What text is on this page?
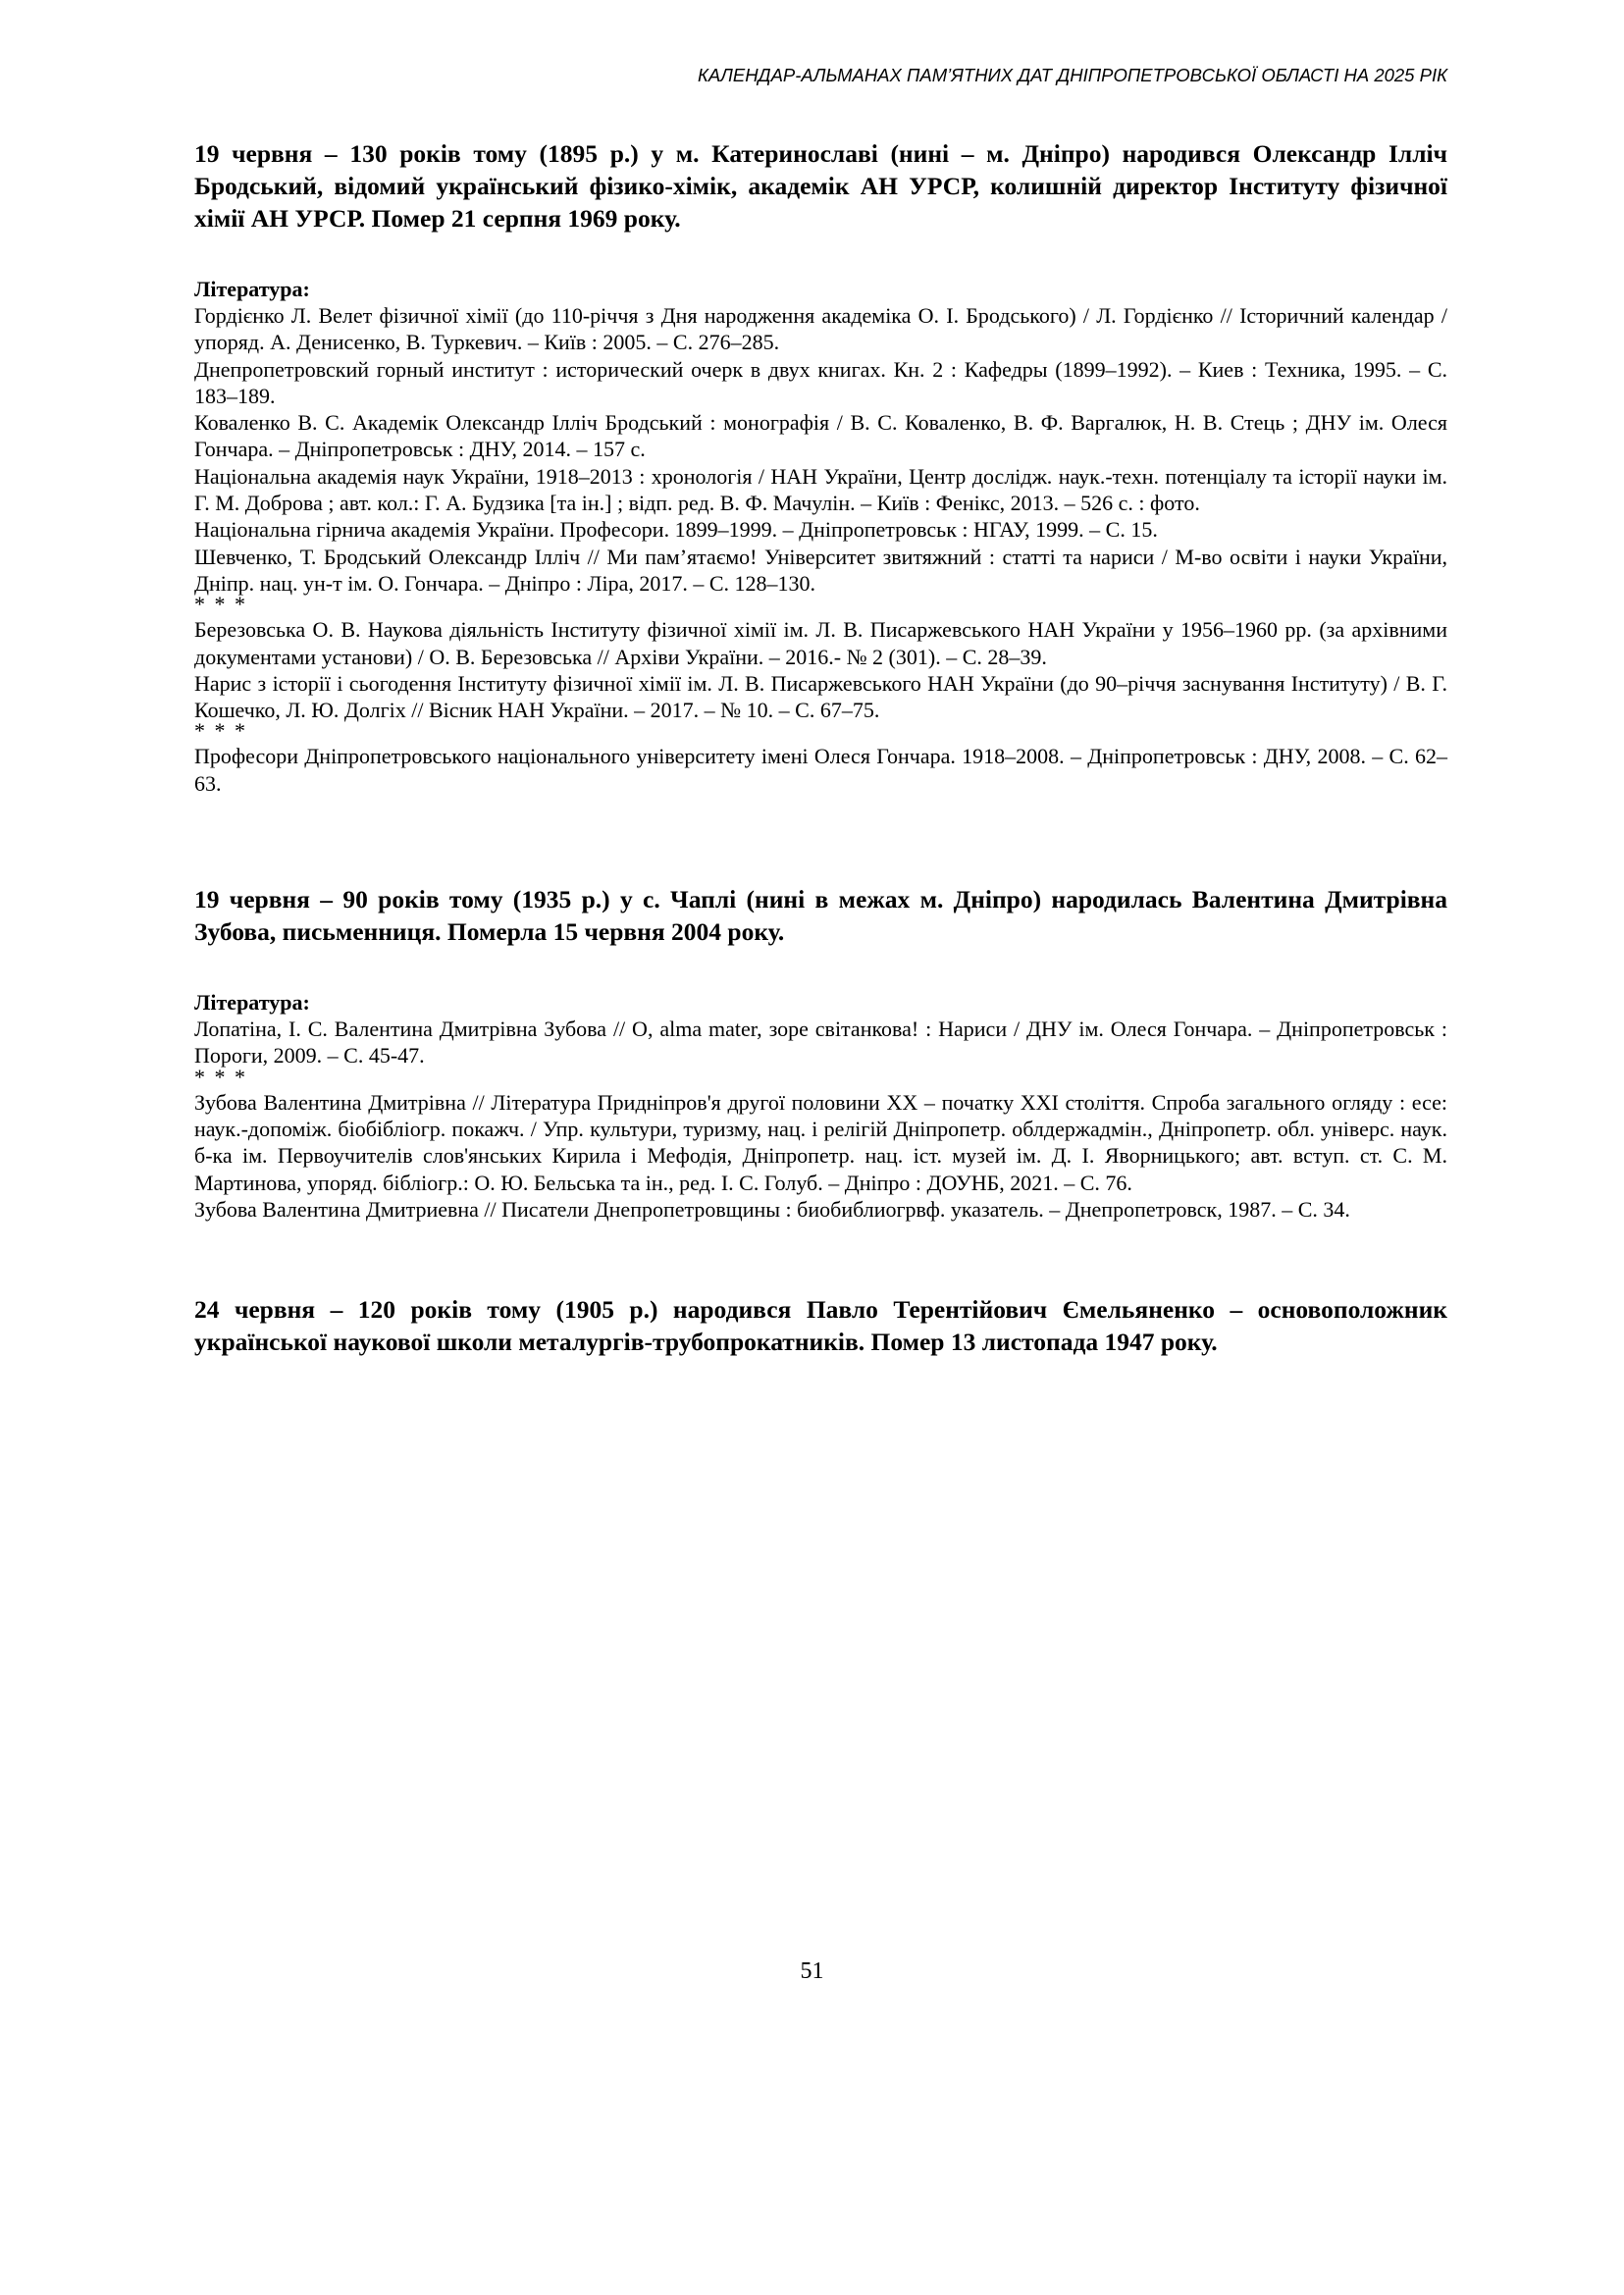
КАЛЕНДАР-АЛЬМАНАХ ПАМ’ЯТНИХ ДАТ ДНІПРОПЕТРОВСЬКОЇ ОБЛАСТІ НА 2025 РІК

19 червня – 130 років тому (1895 р.) у м. Катеринославі (нині – м. Дніпро) народився Олександр Ілліч Бродський, відомий український фізико-хімік, академік АН УРСР, колишній директор Інституту фізичної хімії АН УРСР. Помер 21 серпня 1969 року.

Література:

Гордієнко Л. Велет фізичної хімії (до 110-річчя з Дня народження академіка О. І. Бродського) / Л. Гордієнко // Історичний календар / упоряд. А. Денисенко, В. Туркевич. – Київ : 2005. – С. 276–285.

Днепропетровский горный институт : исторический очерк в двух книгах. Кн. 2 : Кафедры (1899–1992). – Киев : Техника, 1995. – С. 183–189.

Коваленко В. С. Академік Олександр Ілліч Бродський : монографія / В. С. Коваленко, В. Ф. Варгалюк, Н. В. Стець ; ДНУ ім. Олеся Гончара. – Дніпропетровськ : ДНУ, 2014. – 157 с.

Національна академія наук України, 1918–2013 : хронологія / НАН України, Центр дослідж. наук.-техн. потенціалу та історії науки ім. Г. М. Доброва ; авт. кол.: Г. А. Будзика [та ін.] ; відп. ред. В. Ф. Мачулін. – Київ : Фенікс, 2013. – 526 с. : фото.

Національна гірнича академія України. Професори. 1899–1999. – Дніпропетровськ : НГАУ, 1999. – С. 15.

Шевченко, Т. Бродський Олександр Ілліч // Ми пам’ятаємо! Університет звитяжний : статті та нариси / М-во освіти і науки України, Дніпр. нац. ун-т ім. О. Гончара. – Дніпро : Ліра, 2017. – С. 128–130.

* * *

Березовська О. В. Наукова діяльність Інституту фізичної хімії ім. Л. В. Писаржевського НАН України у 1956–1960 рр. (за архівними документами установи) / О. В. Березовська // Архіви України. – 2016.- № 2 (301). – С. 28–39.

Нарис з історії і сьогодення Інституту фізичної хімії ім. Л. В. Писаржевського НАН України (до 90–річчя заснування Інституту) / В. Г. Кошечко, Л. Ю. Долгіх // Вісник НАН України. – 2017. – № 10. – С. 67–75.

* * *

Професори Дніпропетровського національного університету імені Олеся Гончара. 1918–2008. – Дніпропетровськ : ДНУ, 2008. – С. 62–63.

19 червня – 90 років тому (1935 р.) у с. Чаплі (нині в межах м. Дніпро) народилась Валентина Дмитрівна Зубова, письменниця. Померла 15 червня 2004 року.

Література:

Лопатіна, І. С. Валентина Дмитрівна Зубова // О, alma mater, зоре світанкова! : Нариси / ДНУ ім. Олеся Гончара. – Дніпропетровськ : Пороги, 2009. – С. 45-47.

* * *

Зубова Валентина Дмитрівна // Література Придніпров'я другої половини ХХ – початку ХХІ століття. Спроба загального огляду : есе: наук.-допоміж. біобібліогр. покажч. / Упр. культури, туризму, нац. і релігій Дніпропетр. облдержадмін., Дніпропетр. обл. універс. наук. б-ка ім. Первоучителів слов'янських Кирила і Мефодія, Дніпропетр. нац. іст. музей ім. Д. І. Яворницького; авт. вступ. ст. С. М. Мартинова, упоряд. бібліогр.: О. Ю. Бельська та ін., ред. І. С. Голуб. – Дніпро : ДОУНБ, 2021. – С. 76.

Зубова Валентина Дмитриевна // Писатели Днепропетровщины : биобиблиогрвф. указатель. – Днепропетровск, 1987. – С. 34.

24 червня – 120 років тому (1905 р.) народився Павло Терентійович Ємельяненко – основоположник української наукової школи металургів-трубопрокатників. Помер 13 листопада 1947 року.

51
